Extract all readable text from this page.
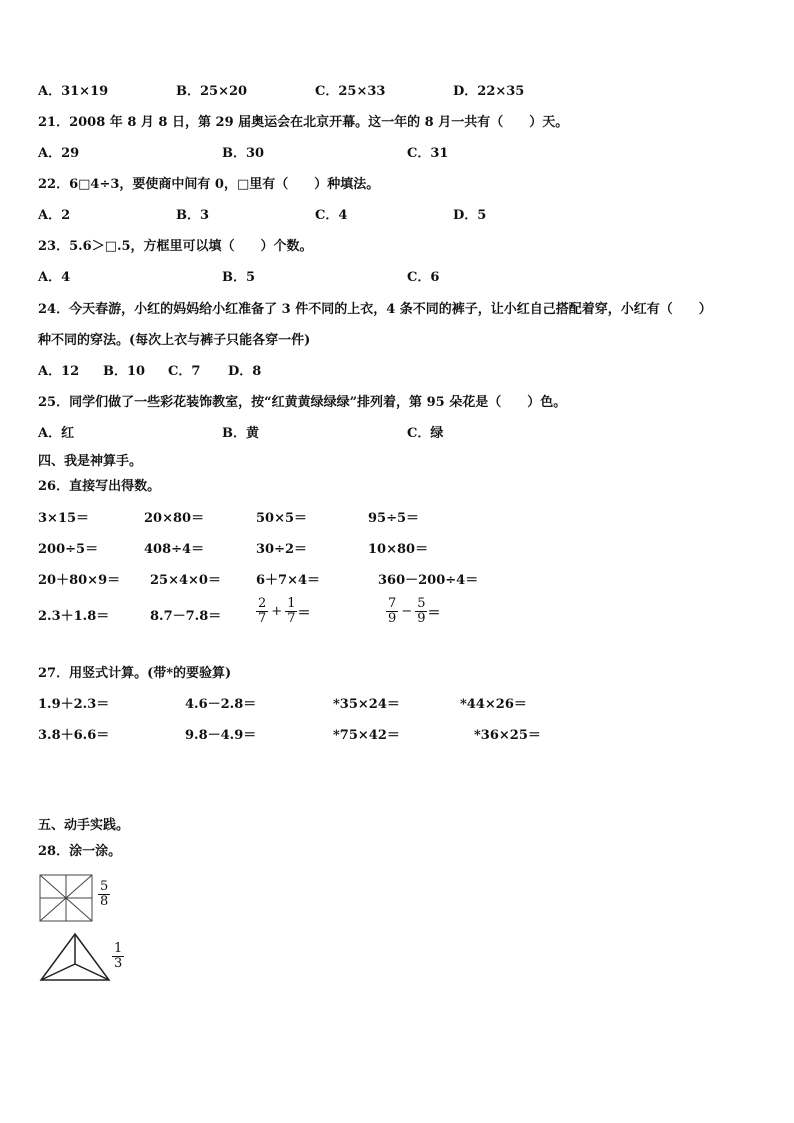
A．31×19	B．25×20	C．25×33	D．22×35
21．2008 年 8 月 8 日，第 29 届奥运会在北京开幕。这一年的 8 月一共有（　　）天。
A．29	B．30	C．31
22．6□4÷3，要使商中间有 0，□里有（　　）种填法。
A．2	B．3	C．4	D．5
23．5.6＞□.5，方框里可以填（　　）个数。
A．4	B．5	C．6
24．今天春游，小红的妈妈给小红准备了 3 件不同的上衣，4 条不同的裤子，让小红自己搭配着穿，小红有（　　）
种不同的穿法。(每次上衣与裤子只能各穿一件)
A．12 B．10 C．7 D．8
25．同学们做了一些彩花装饰教室，按“红黄黄绿绿绿”排列着，第 95 朵花是（　　）色。
A．红	B．黄	C．绿
四、我是神算手。
26．直接写出得数。
3×15＝	20×80＝	50×5＝	95÷5＝
200÷5＝	408÷4＝	30÷2＝	10×80＝
20＋80×9＝ 25×4×0＝	6＋7×4＝	360－200÷4＝
2.3＋1.8＝	8.7－7.8＝	$\frac{2}{7} + \frac{1}{7}$ ＝	$\frac{7}{9} - \frac{5}{9}$ ＝
27．用竖式计算。(带*的要验算)
1.9＋2.3＝	4.6－2.8＝	*35×24＝	*44×26＝
3.8＋6.6＝	9.8－4.9＝	*75×42＝	*36×25＝
五、动手实践。
28．涂一涂。
$\frac{5}{8}$
$\frac{1}{3}$
